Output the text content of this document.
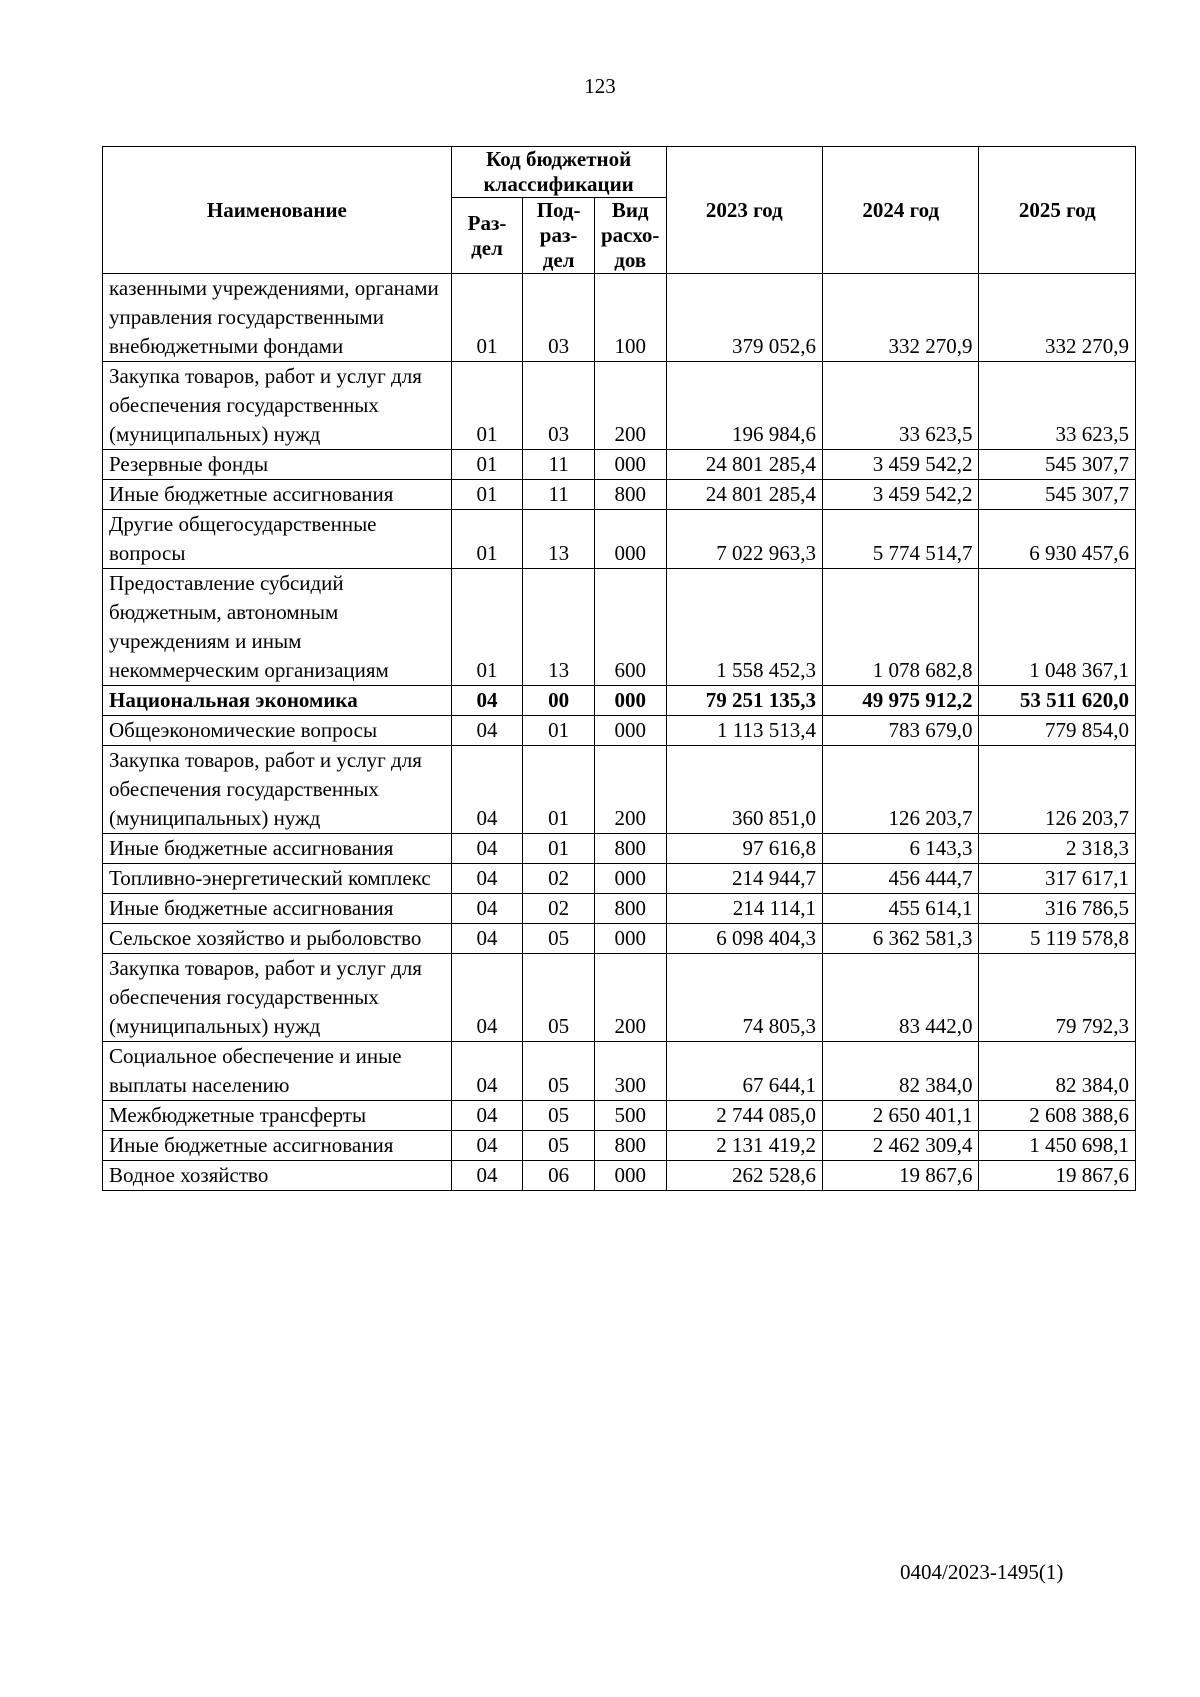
123
Наименование	Код бюджетной классификации			2023 год	2024 год	2025 год
	Раз-дел	Под-раз-дел	Вид расхо-дов			
казенными учреждениями, органами управления государственными внебюджетными фондами	01	03	100	379 052,6	332 270,9	332 270,9
Закупка товаров, работ и услуг для обеспечения государственных (муниципальных) нужд	01	03	200	196 984,6	33 623,5	33 623,5
Резервные фонды	01	11	000	24 801 285,4	3 459 542,2	545 307,7
Иные бюджетные ассигнования	01	11	800	24 801 285,4	3 459 542,2	545 307,7
Другие общегосударственные вопросы	01	13	000	7 022 963,3	5 774 514,7	6 930 457,6
Предоставление субсидий бюджетным, автономным учреждениям и иным некоммерческим организациям	01	13	600	1 558 452,3	1 078 682,8	1 048 367,1
Национальная экономика	04	00	000	79 251 135,3	49 975 912,2	53 511 620,0
Общеэкономические вопросы	04	01	000	1 113 513,4	783 679,0	779 854,0
Закупка товаров, работ и услуг для обеспечения государственных (муниципальных) нужд	04	01	200	360 851,0	126 203,7	126 203,7
Иные бюджетные ассигнования	04	01	800	97 616,8	6 143,3	2 318,3
Топливно-энергетический комплекс	04	02	000	214 944,7	456 444,7	317 617,1
Иные бюджетные ассигнования	04	02	800	214 114,1	455 614,1	316 786,5
Сельское хозяйство и рыболовство	04	05	000	6 098 404,3	6 362 581,3	5 119 578,8
Закупка товаров, работ и услуг для обеспечения государственных (муниципальных) нужд	04	05	200	74 805,3	83 442,0	79 792,3
Социальное обеспечение и иные выплаты населению	04	05	300	67 644,1	82 384,0	82 384,0
Межбюджетные трансферты	04	05	500	2 744 085,0	2 650 401,1	2 608 388,6
Иные бюджетные ассигнования	04	05	800	2 131 419,2	2 462 309,4	1 450 698,1
Водное хозяйство	04	06	000	262 528,6	19 867,6	19 867,6
0404/2023-1495(1)
